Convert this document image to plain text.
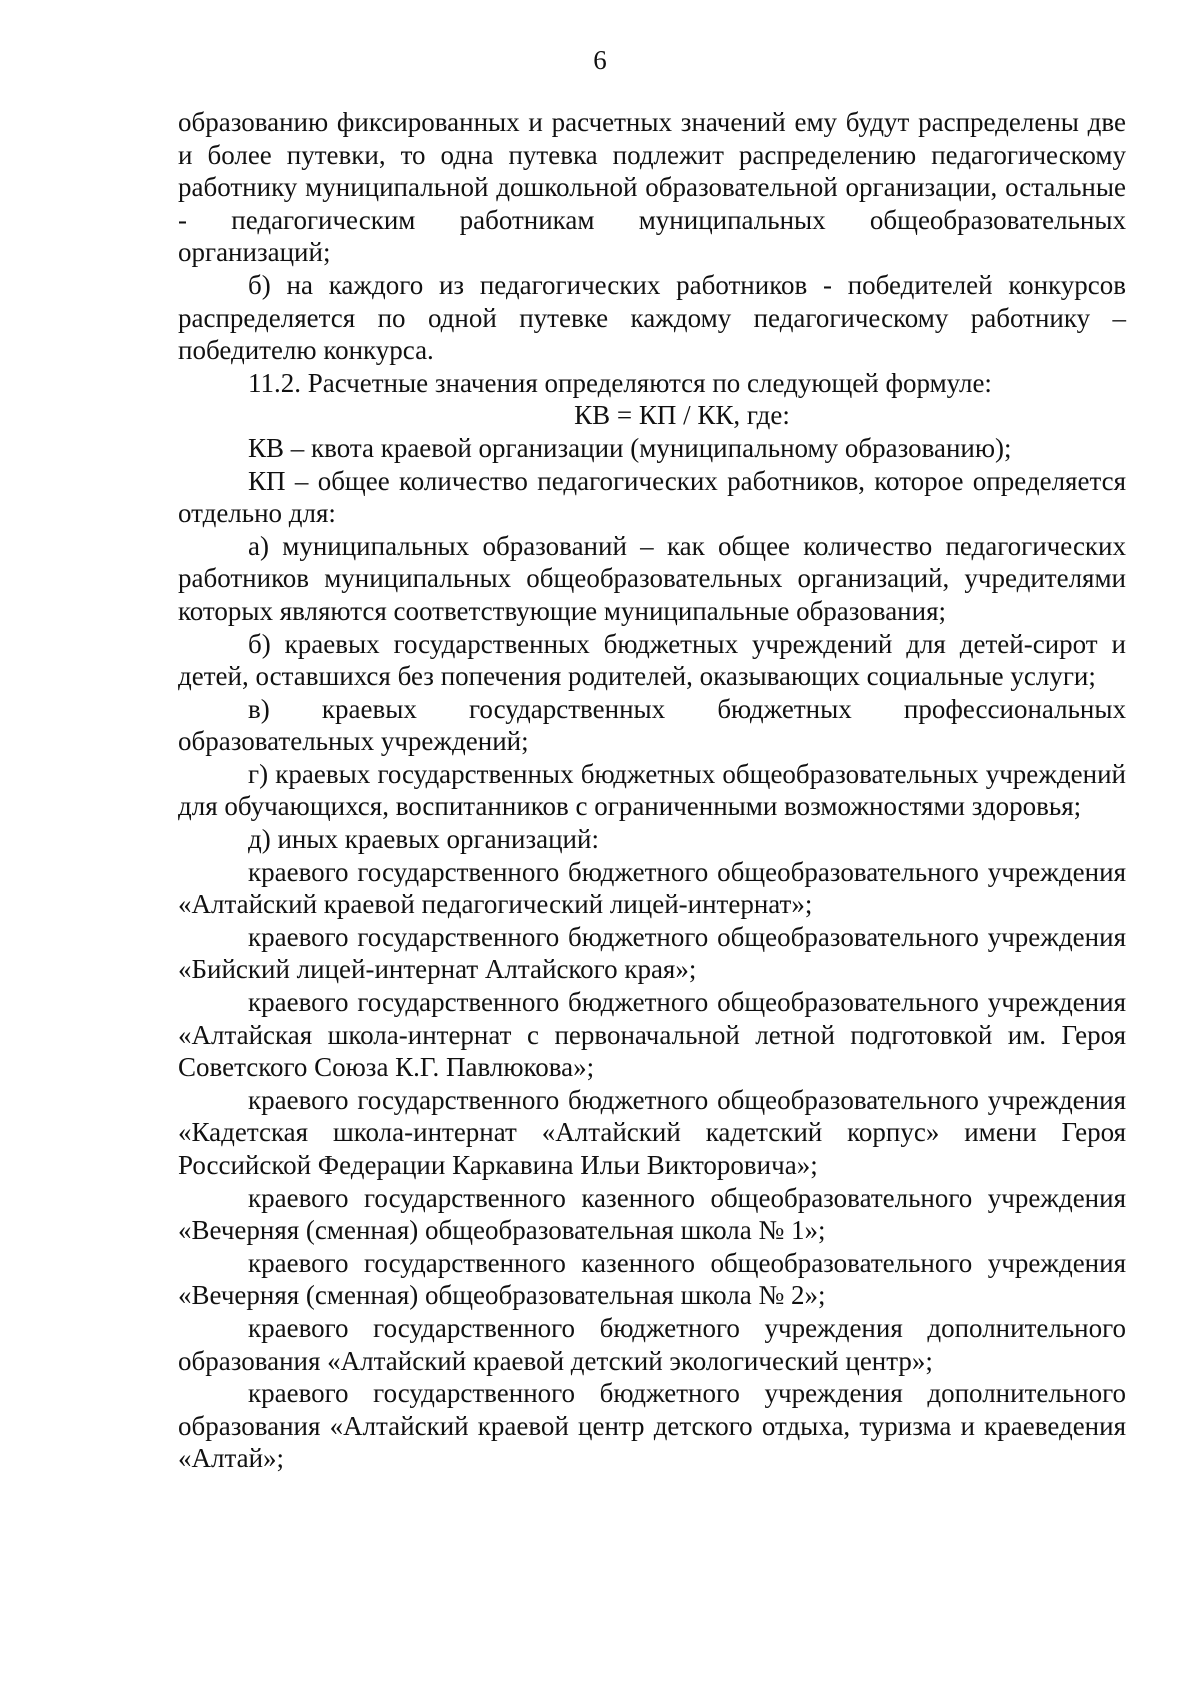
6

образованию фиксированных и расчетных значений ему будут распределены две и более путевки, то одна путевка подлежит распределению педагогическому работнику муниципальной дошкольной образовательной организации, остальные - педагогическим работникам муниципальных общеобразовательных организаций;

б) на каждого из педагогических работников - победителей конкурсов распределяется по одной путевке каждому педагогическому работнику – победителю конкурса.

11.2. Расчетные значения определяются по следующей формуле:

КВ = КП / КК, где:

КВ – квота краевой организации (муниципальному образованию);

КП – общее количество педагогических работников, которое определяется отдельно для:

а) муниципальных образований – как общее количество педагогических работников муниципальных общеобразовательных организаций, учредителями которых являются соответствующие муниципальные образования;

б) краевых государственных бюджетных учреждений для детей-сирот и детей, оставшихся без попечения родителей, оказывающих социальные услуги;

в) краевых государственных бюджетных профессиональных образовательных учреждений;

г) краевых государственных бюджетных общеобразовательных учреждений для обучающихся, воспитанников с ограниченными возможностями здоровья;

д) иных краевых организаций:

краевого государственного бюджетного общеобразовательного учреждения «Алтайский краевой педагогический лицей-интернат»;

краевого государственного бюджетного общеобразовательного учреждения «Бийский лицей-интернат Алтайского края»;

краевого государственного бюджетного общеобразовательного учреждения «Алтайская школа-интернат с первоначальной летной подготовкой им. Героя Советского Союза К.Г. Павлюкова»;

краевого государственного бюджетного общеобразовательного учреждения «Кадетская школа-интернат «Алтайский кадетский корпус» имени Героя Российской Федерации Каркавина Ильи Викторовича»;

краевого государственного казенного общеобразовательного учреждения «Вечерняя (сменная) общеобразовательная школа № 1»;

краевого государственного казенного общеобразовательного учреждения «Вечерняя (сменная) общеобразовательная школа № 2»;

краевого государственного бюджетного учреждения дополнительного образования «Алтайский краевой детский экологический центр»;

краевого государственного бюджетного учреждения дополнительного образования «Алтайский краевой центр детского отдыха, туризма и краеведения «Алтай»;
